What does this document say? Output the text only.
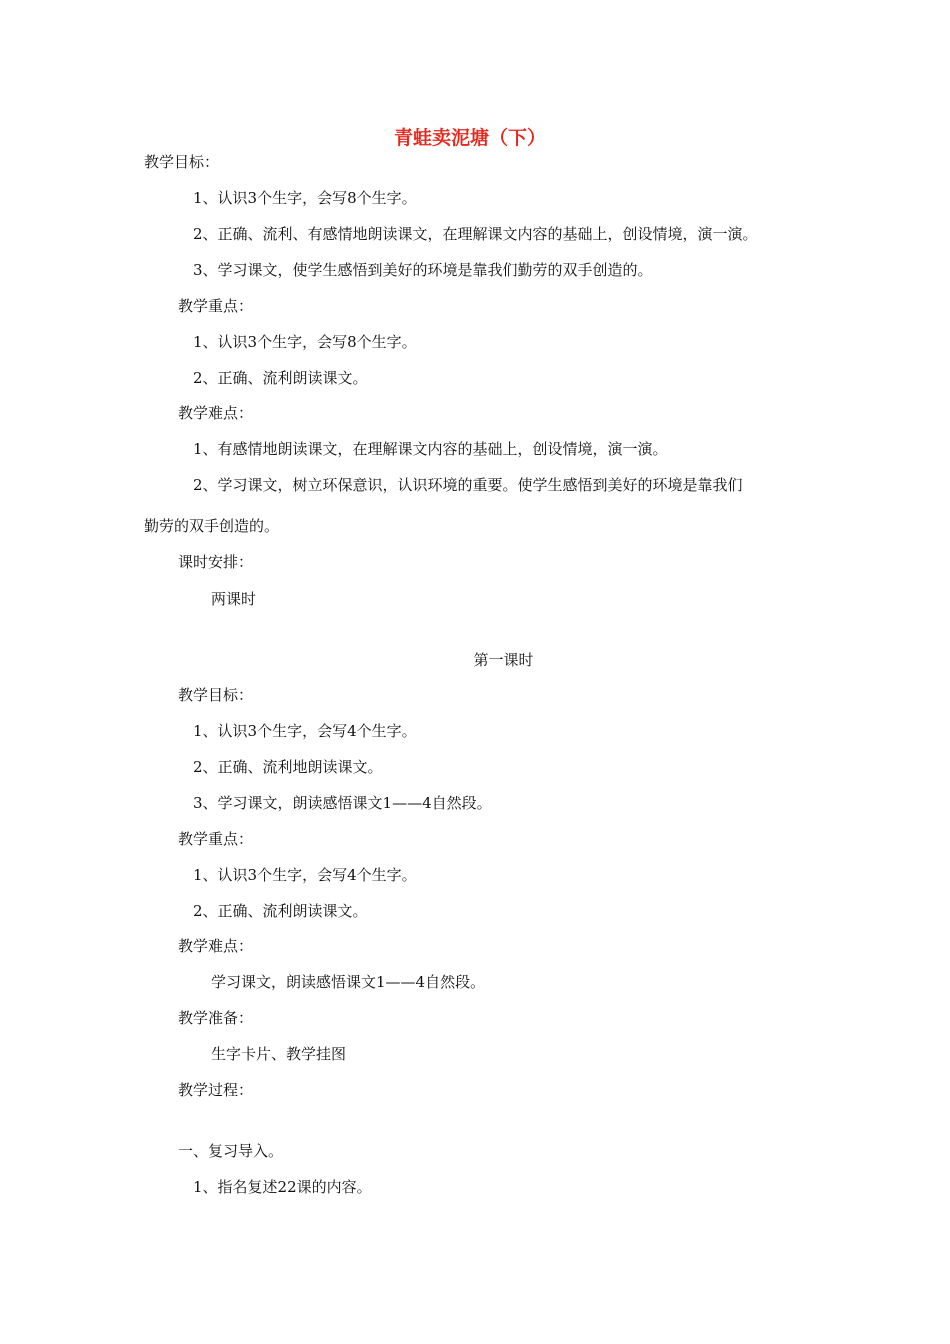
青蛙卖泥塘（下）
教学目标：
1、认识3个生字，会写8个生字。
2、正确、流利、有感情地朗读课文，在理解课文内容的基础上，创设情境，演一演。
3、学习课文，使学生感悟到美好的环境是靠我们勤劳的双手创造的。
教学重点：
1、认识3个生字，会写8个生字。
2、正确、流利朗读课文。
教学难点：
1、有感情地朗读课文，在理解课文内容的基础上，创设情境，演一演。
2、学习课文，树立环保意识，认识环境的重要。使学生感悟到美好的环境是靠我们
勤劳的双手创造的。
课时安排：
两课时
第一课时
教学目标：
1、认识3个生字，会写4个生字。
2、正确、流利地朗读课文。
3、学习课文，朗读感悟课文1——4自然段。
教学重点：
1、认识3个生字，会写4个生字。
2、正确、流利朗读课文。
教学难点：
学习课文，朗读感悟课文1——4自然段。
教学准备：
生字卡片、教学挂图
教学过程：
一、复习导入。
1、指名复述22课的内容。
